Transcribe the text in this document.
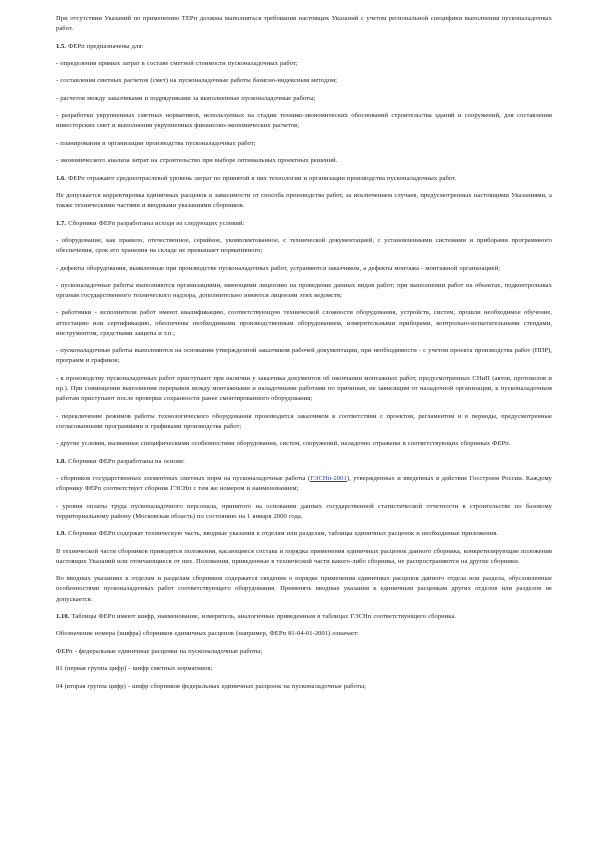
При отсутствии Указаний по применению ТЕРп должны выполняться требования настоящих Указаний с учетом региональной специфики выполнения пусконаладочных работ.

1.5. ФЕРп предназначены для:

- определения прямых затрат в составе сметной стоимости пусконаладочных работ;

- составления сметных расчетов (смет) на пусконаладочные работы базисно-индексным методом;

- расчетов между заказчиками и подрядчиками за выполненные пусконаладочные работы;

- разработки укрупненных сметных нормативов, используемых на стадии технико-экономических обоснований строительства зданий и сооружений, для составления инвесторских смет и выполнения укрупненных финансово-экономических расчетов;

- планирования и организации производства пусконаладочных работ;

- экономического анализа затрат на строительство при выборе оптимальных проектных решений.

1.6. ФЕРп отражают среднеотраслевой уровень затрат по принятой в них технологии и организации производства пусконаладочных работ.

Не допускается корректировка единичных расценок в зависимости от способа производства работ, за исключением случаев, предусмотренных настоящими Указаниями, а также техническими частями и вводными указаниями сборников.

1.7. Сборники ФЕРп разработаны исходя из следующих условий:

- оборудование, как правило, отечественное, серийное, укомплектованное, с технической документацией, с установленными системами и приборами программного обеспечения, срок его хранения на складе не превышает нормативного;

- дефекты оборудования, выявленные при производстве пусконаладочных работ, устраняются заказчиком, а дефекты монтажа - монтажной организацией;

- пусконаладочные работы выполняются организациями, имеющими лицензию на проведение данных видов работ; при выполнении работ на объектах, подконтрольных органам государственного технического надзора, дополнительно имеются лицензии этих ведомств;

- работники - исполнители работ имеют квалификацию, соответствующую технической сложности оборудования, устройств, систем, прошли необходимое обучение, аттестацию или сертификацию, обеспечены необходимыми производственным оборудованием, измерительными приборами, контрольно-испытательными стендами, инструментом, средствами защиты и т.п.;

- пусконаладочные работы выполняются на основании утвержденной заказчиком рабочей документации, при необходимости - с учетом проекта производства работ (ППР), программ и графиков;

- к производству пусконаладочных работ приступают при наличии у заказчика документов об окончании монтажных работ, предусмотренных СНиП (актов, протоколов и пр.). При совмещении выполнения перерывов между монтажными и наладочными работами по причинам, не зависящим от наладочной организации, к пусконаладочным работам приступают после проверки сохранности ранее смонтированного оборудования;

- переключение режимов работы технологического оборудования производится заказчиком в соответствии с проектом, регламентом и в периоды, предусмотренные согласованными программами и графиками производства работ;

- другие условия, вызванные специфическими особенностями оборудования, систем, сооружений, наладочно отражены в соответствующих сборниках ФЕРп.

1.8. Сборники ФЕРп разработаны на основе:

- сборников государственных элементных сметных норм на пусконаладочные работы (ГЭСНп-2001), утвержденных и введенных в действие Госстроем России. Каждому сборнику ФЕРп соответствует сборник ГЭСНп с тем же номером и наименованием;

- уровня оплаты труда пусконаладочного персонала, принятого на основании данных государственной статистической отчетности в строительстве по базовому территориальному району (Московская область) по состоянию на 1 января 2000 года.

1.9. Сборники ФЕРп содержат техническую часть, вводные указания к отделам или разделам, таблицы единичных расценок и необходимые приложения.

В технической части сборников приводятся положения, касающиеся состава и порядка применения единичных расценок данного сборника, конкретизирующие положения настоящих Указаний или отличающиеся от них. Положения, приведенные в технической части какого-либо сборника, не распространяются на другие сборники.

Во вводных указаниях к отделам и разделам сборников содержатся сведения о порядке применения единичных расценок данного отдела или раздела, обусловленные особенностями пусконаладочных работ соответствующего оборудования. Применять вводные указания к единичным расценкам других отделов или разделов не допускается.

1.10. Таблицы ФЕРп имеют шифр, наименование, измеритель, аналогичные приведенным в таблицах ГЭСНп соответствующего сборника.

Обозначение номера (шифра) сборников единичных расценок (например, ФЕРп 81-04-01-2001) означает:

ФЕРп - федеральные единичные расценки на пусконаладочные работы;

81 (первая группа цифр) - шифр сметных нормативов;

04 (вторая группа цифр) - шифр сборников федеральных единичных расценок на пусконаладочные работы;
